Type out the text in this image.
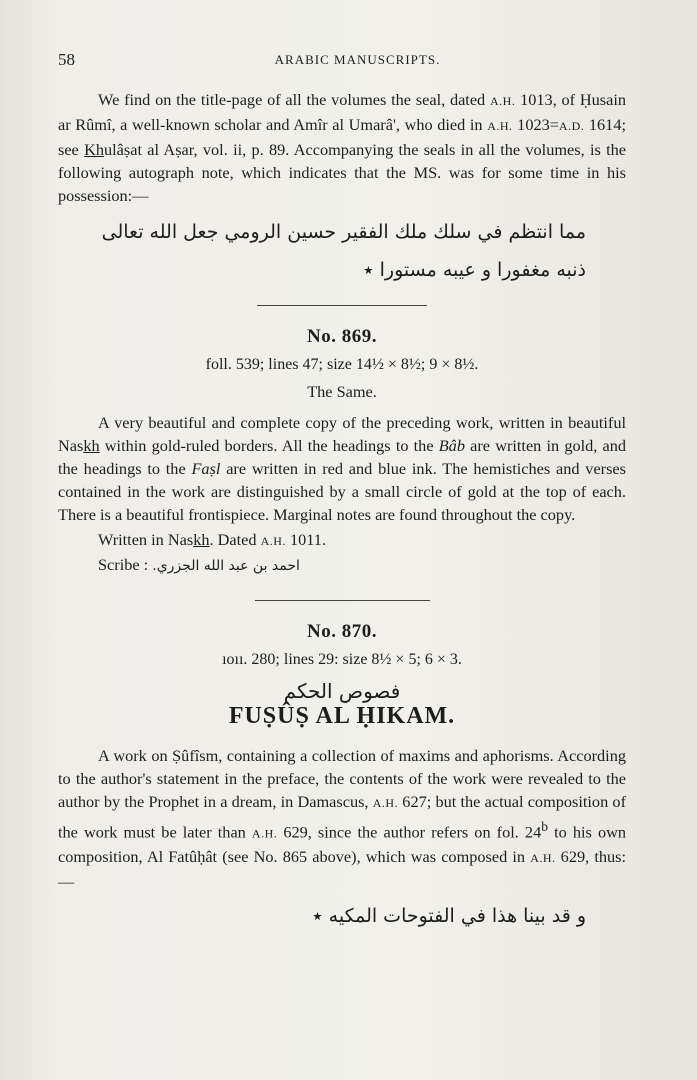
58	ARABIC MANUSCRIPTS.

We find on the title-page of all the volumes the seal, dated A.H. 1013, of Ḥusain ar Rûmî, a well-known scholar and Amîr al Umarâ', who died in A.H. 1023=A.D. 1614; see Khulâṣat al Aṣar, vol. ii, p. 89. Accompanying the seals in all the volumes, is the following autograph note, which indicates that the MS. was for some time in his possession:—

مما انتظم في سلك ملك الفقير حسين الرومي جعل الله تعالى
ذنبه مغفورا و عيبه مستورا ٭
No. 869.
foll. 539; lines 47; size 14½ × 8½; 9 × 8½.
The Same.

A very beautiful and complete copy of the preceding work, written in beautiful Naskh within gold-ruled borders. All the headings to the Bâb are written in gold, and the headings to the Faṣl are written in red and blue ink. The hemistiches and verses contained in the work are distinguished by a small circle of gold at the top of each. There is a beautiful frontispiece. Marginal notes are found throughout the copy.

Written in Naskh. Dated A.H. 1011.

Scribe : احمد بن عبد الله الجزري.

No. 870.
ıoıı. 280; lines 29: size 8½ × 5; 6 × 3.
فصوص الحكم
FUṢÛṢ AL ḤIKAM.

A work on Ṣûfîsm, containing a collection of maxims and aphorisms. According to the author's statement in the preface, the contents of the work were revealed to the author by the Prophet in a dream, in Damascus, A.H. 627; but the actual composition of the work must be later than A.H. 629, since the author refers on fol. 24$^b$ to his own composition, Al Fatûḥât (see No. 865 above), which was composed in A.H. 629, thus:—

و قد بينا هذا في الفتوحات المكيه ٭
